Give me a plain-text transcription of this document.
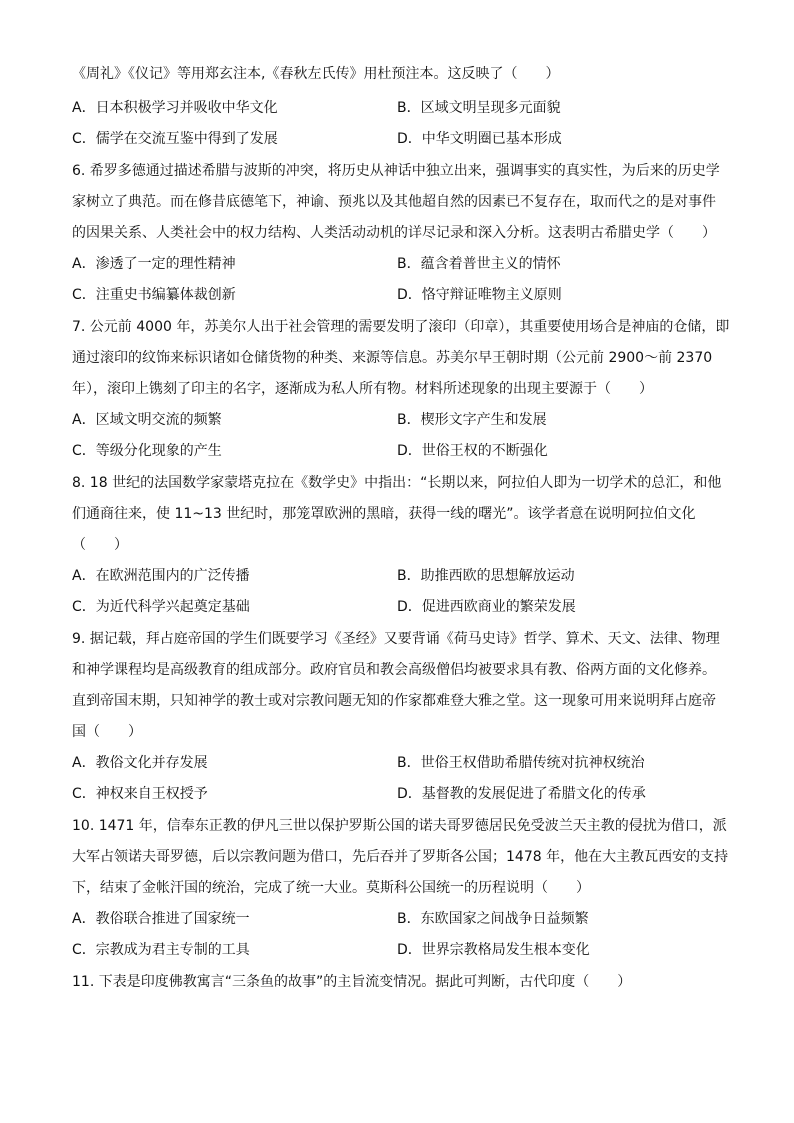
《周礼》《仪记》等用郑玄注本,《春秋左氏传》用杜预注本。这反映了（　　）
A．日本积极学习并吸收中华文化	B．区域文明呈现多元面貌
C．儒学在交流互鉴中得到了发展	D．中华文明圈已基本形成
6. 希罗多德通过描述希腊与波斯的冲突，将历史从神话中独立出来，强调事实的真实性，为后来的历史学
家树立了典范。而在修昔底德笔下，神谕、预兆以及其他超自然的因素已不复存在，取而代之的是对事件
的因果关系、人类社会中的权力结构、人类活动动机的详尽记录和深入分析。这表明古希腊史学（　　）
A．渗透了一定的理性精神	B．蕴含着普世主义的情怀
C．注重史书编纂体裁创新	D．恪守辩证唯物主义原则
7. 公元前 4000 年，苏美尔人出于社会管理的需要发明了滚印（印章），其重要使用场合是神庙的仓储，即
通过滚印的纹饰来标识诸如仓储货物的种类、来源等信息。苏美尔早王朝时期（公元前 2900～前 2370
年），滚印上镌刻了印主的名字，逐渐成为私人所有物。材料所述现象的出现主要源于（　　）
A．区域文明交流的频繁	B．楔形文字产生和发展
C．等级分化现象的产生	D．世俗王权的不断强化
8. 18 世纪的法国数学家蒙塔克拉在《数学史》中指出：“长期以来，阿拉伯人即为一切学术的总汇，和他
们通商往来，使 11~13 世纪时，那笼罩欧洲的黑暗，获得一线的曙光”。该学者意在说明阿拉伯文化
（　　）
A．在欧洲范围内的广泛传播	B．助推西欧的思想解放运动
C．为近代科学兴起奠定基础	D．促进西欧商业的繁荣发展
9. 据记载，拜占庭帝国的学生们既要学习《圣经》又要背诵《荷马史诗》哲学、算术、天文、法律、物理
和神学课程均是高级教育的组成部分。政府官员和教会高级僧侣均被要求具有教、俗两方面的文化修养。
直到帝国末期，只知神学的教士或对宗教问题无知的作家都难登大雅之堂。这一现象可用来说明拜占庭帝
国（　　）
A．教俗文化并存发展	B．世俗王权借助希腊传统对抗神权统治
C．神权来自王权授予	D．基督教的发展促进了希腊文化的传承
10. 1471 年，信奉东正教的伊凡三世以保护罗斯公国的诺夫哥罗德居民免受波兰天主教的侵扰为借口，派
大军占领诺夫哥罗德，后以宗教问题为借口，先后吞并了罗斯各公国；1478 年，他在大主教瓦西安的支持
下，结束了金帐汗国的统治，完成了统一大业。莫斯科公国统一的历程说明（　　）
A．教俗联合推进了国家统一	B．东欧国家之间战争日益频繁
C．宗教成为君主专制的工具	D．世界宗教格局发生根本变化
11. 下表是印度佛教寓言“三条鱼的故事”的主旨流变情况。据此可判断，古代印度（　　）
